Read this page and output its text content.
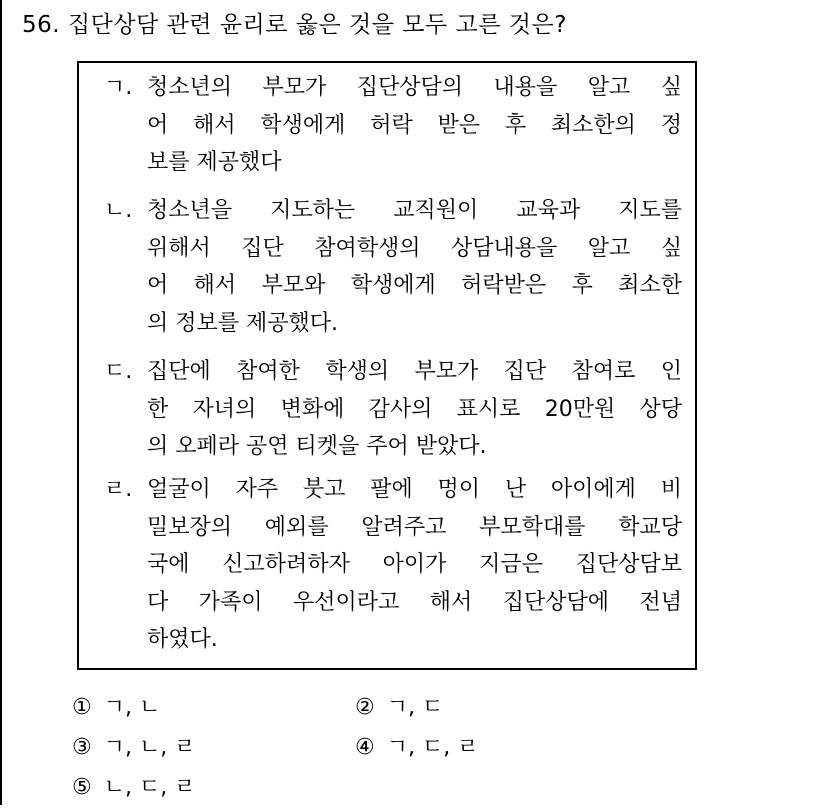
56. 집단상담 관련 윤리로 옳은 것을 모두 고른 것은?
ㄱ. 청소년의 부모가 집단상담의 내용을 알고 싶
어 해서 학생에게 허락 받은 후 최소한의 정
보를 제공했다
ㄴ. 청소년을 지도하는 교직원이 교육과 지도를
위해서 집단 참여학생의 상담내용을 알고 싶
어 해서 부모와 학생에게 허락받은 후 최소한
의 정보를 제공했다.
ㄷ. 집단에 참여한 학생의 부모가 집단 참여로 인
한 자녀의 변화에 감사의 표시로 20만원 상당
의 오페라 공연 티켓을 주어 받았다.
ㄹ. 얼굴이 자주 붓고 팔에 멍이 난 아이에게 비
밀보장의 예외를 알려주고 부모학대를 학교당
국에 신고하려하자 아이가 지금은 집단상담보
다 가족이 우선이라고 해서 집단상담에 전념
하였다.
① ㄱ, ㄴ	② ㄱ, ㄷ
③ ㄱ, ㄴ, ㄹ	④ ㄱ, ㄷ, ㄹ
⑤ ㄴ, ㄷ, ㄹ
